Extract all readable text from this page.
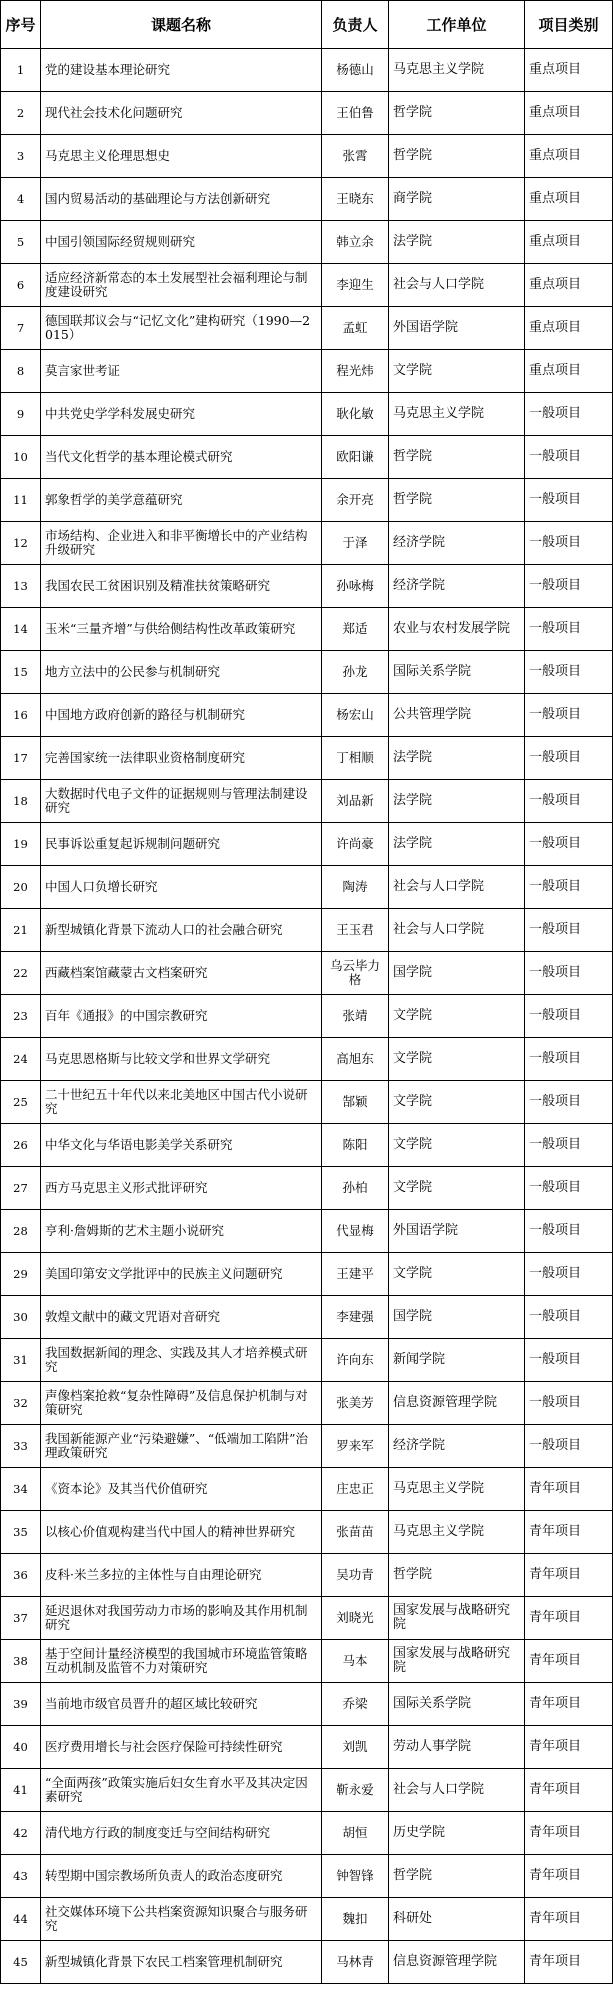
序号	课题名称	负责人	工作单位	项目类别
1	党的建设基本理论研究	杨德山	马克思主义学院	重点项目
2	现代社会技术化问题研究	王伯鲁	哲学院	重点项目
3	马克思主义伦理思想史	张霄	哲学院	重点项目
4	国内贸易活动的基础理论与方法创新研究	王晓东	商学院	重点项目
5	中国引领国际经贸规则研究	韩立余	法学院	重点项目
6	适应经济新常态的本土发展型社会福利理论与制度建设研究	李迎生	社会与人口学院	重点项目
7	德国联邦议会与“记忆文化”建构研究（1990—2015）	孟虹	外国语学院	重点项目
8	莫言家世考证	程光炜	文学院	重点项目
9	中共党史学学科发展史研究	耿化敏	马克思主义学院	一般项目
10	当代文化哲学的基本理论模式研究	欧阳谦	哲学院	一般项目
11	郭象哲学的美学意蕴研究	余开亮	哲学院	一般项目
12	市场结构、企业进入和非平衡增长中的产业结构升级研究	于泽	经济学院	一般项目
13	我国农民工贫困识别及精准扶贫策略研究	孙咏梅	经济学院	一般项目
14	玉米“三量齐增”与供给侧结构性改革政策研究	郑适	农业与农村发展学院	一般项目
15	地方立法中的公民参与机制研究	孙龙	国际关系学院	一般项目
16	中国地方政府创新的路径与机制研究	杨宏山	公共管理学院	一般项目
17	完善国家统一法律职业资格制度研究	丁相顺	法学院	一般项目
18	大数据时代电子文件的证据规则与管理法制建设研究	刘品新	法学院	一般项目
19	民事诉讼重复起诉规制问题研究	许尚豪	法学院	一般项目
20	中国人口负增长研究	陶涛	社会与人口学院	一般项目
21	新型城镇化背景下流动人口的社会融合研究	王玉君	社会与人口学院	一般项目
22	西藏档案馆藏蒙古文档案研究	乌云毕力格	国学院	一般项目
23	百年《通报》的中国宗教研究	张靖	文学院	一般项目
24	马克思恩格斯与比较文学和世界文学研究	高旭东	文学院	一般项目
25	二十世纪五十年代以来北美地区中国古代小说研究	郜颖	文学院	一般项目
26	中华文化与华语电影美学关系研究	陈阳	文学院	一般项目
27	西方马克思主义形式批评研究	孙柏	文学院	一般项目
28	亨利·詹姆斯的艺术主题小说研究	代显梅	外国语学院	一般项目
29	美国印第安文学批评中的民族主义问题研究	王建平	文学院	一般项目
30	敦煌文献中的藏文咒语对音研究	李建强	国学院	一般项目
31	我国数据新闻的理念、实践及其人才培养模式研究	许向东	新闻学院	一般项目
32	声像档案抢救“复杂性障碍”及信息保护机制与对策研究	张美芳	信息资源管理学院	一般项目
33	我国新能源产业“污染避嫌”、“低端加工陷阱”治理政策研究	罗来军	经济学院	一般项目
34	《资本论》及其当代价值研究	庄忠正	马克思主义学院	青年项目
35	以核心价值观构建当代中国人的精神世界研究	张苗苗	马克思主义学院	青年项目
36	皮科·米兰多拉的主体性与自由理论研究	吴功青	哲学院	青年项目
37	延迟退休对我国劳动力市场的影响及其作用机制研究	刘晓光	国家发展与战略研究院	青年项目
38	基于空间计量经济模型的我国城市环境监管策略互动机制及监管不力对策研究	马本	国家发展与战略研究院	青年项目
39	当前地市级官员晋升的超区域比较研究	乔梁	国际关系学院	青年项目
40	医疗费用增长与社会医疗保险可持续性研究	刘凯	劳动人事学院	青年项目
41	“全面两孩”政策实施后妇女生育水平及其决定因素研究	靳永爱	社会与人口学院	青年项目
42	清代地方行政的制度变迁与空间结构研究	胡恒	历史学院	青年项目
43	转型期中国宗教场所负责人的政治态度研究	钟智锋	哲学院	青年项目
44	社交媒体环境下公共档案资源知识聚合与服务研究	魏扣	科研处	青年项目
45	新型城镇化背景下农民工档案管理机制研究	马林青	信息资源管理学院	青年项目
